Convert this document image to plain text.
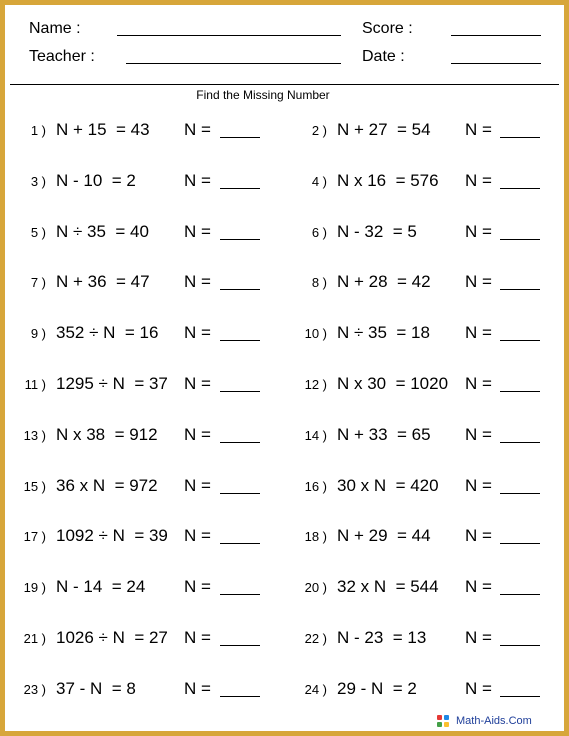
Name :	Score :
Teacher :	Date :
Find the Missing Number
1 ) N + 15  = 43 N =	2 ) N + 27  = 54 N =
3 ) N - 10  = 2	N =	4 ) N x 16  = 576 N =
5 ) N ÷ 35  = 40 N =	6 ) N - 32  = 5	N =
7 ) N + 36  = 47 N =	8 ) N + 28  = 42 N =
9 ) 352 ÷ N  = 16 N =	10 ) N ÷ 35  = 18 N =
11 ) 1295 ÷ N  = 37 N =	12 ) N x 30  = 1020 N =
13 ) N x 38  = 912 N =	14 ) N + 33  = 65 N =
15 ) 36 x N  = 972 N =	16 ) 30 x N  = 420 N =
17 ) 1092 ÷ N  = 39 N =	18 ) N + 29  = 44 N =
19 ) N - 14  = 24 N =	20 ) 32 x N  = 544 N =
21 ) 1026 ÷ N  = 27 N =	22 ) N - 23  = 13 N =
23 ) 37 - N  = 8	N =	24 ) 29 - N  = 2	N =
Math-Aids.Com
